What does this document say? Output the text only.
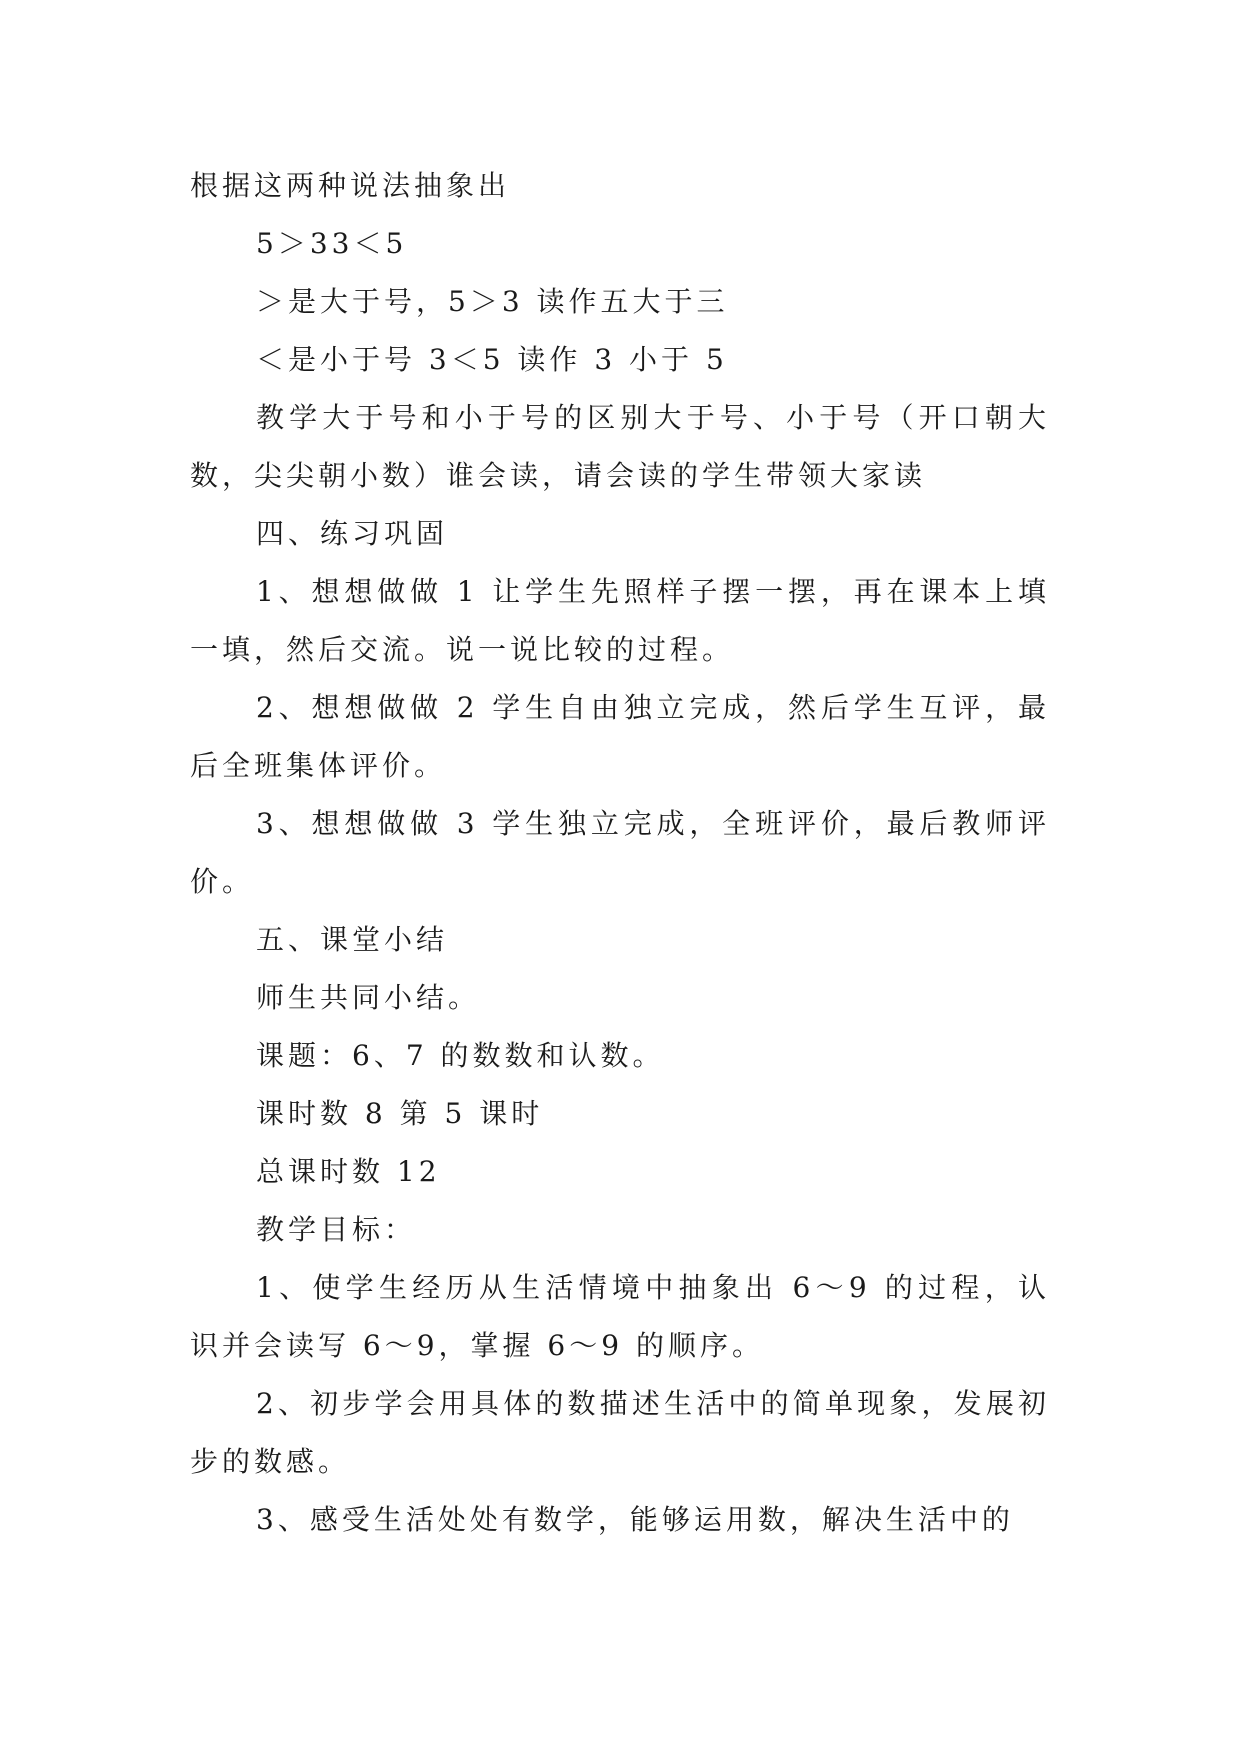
根据这两种说法抽象出

5＞33＜5

＞是大于号，5＞3 读作五大于三

＜是小于号 3＜5 读作 3 小于 5

教学大于号和小于号的区别大于号、小于号（开口朝大数，尖尖朝小数）谁会读，请会读的学生带领大家读

四、练习巩固

1、想想做做 1 让学生先照样子摆一摆，再在课本上填一填，然后交流。说一说比较的过程。

2、想想做做 2 学生自由独立完成，然后学生互评，最后全班集体评价。

3、想想做做 3 学生独立完成，全班评价，最后教师评价。

五、课堂小结

师生共同小结。

课题：6、7 的数数和认数。

课时数 8 第 5 课时

总课时数 12

教学目标：

1、使学生经历从生活情境中抽象出 6～9 的过程，认识并会读写 6～9，掌握 6～9 的顺序。

2、初步学会用具体的数描述生活中的简单现象，发展初步的数感。

3、感受生活处处有数学，能够运用数，解决生活中的
